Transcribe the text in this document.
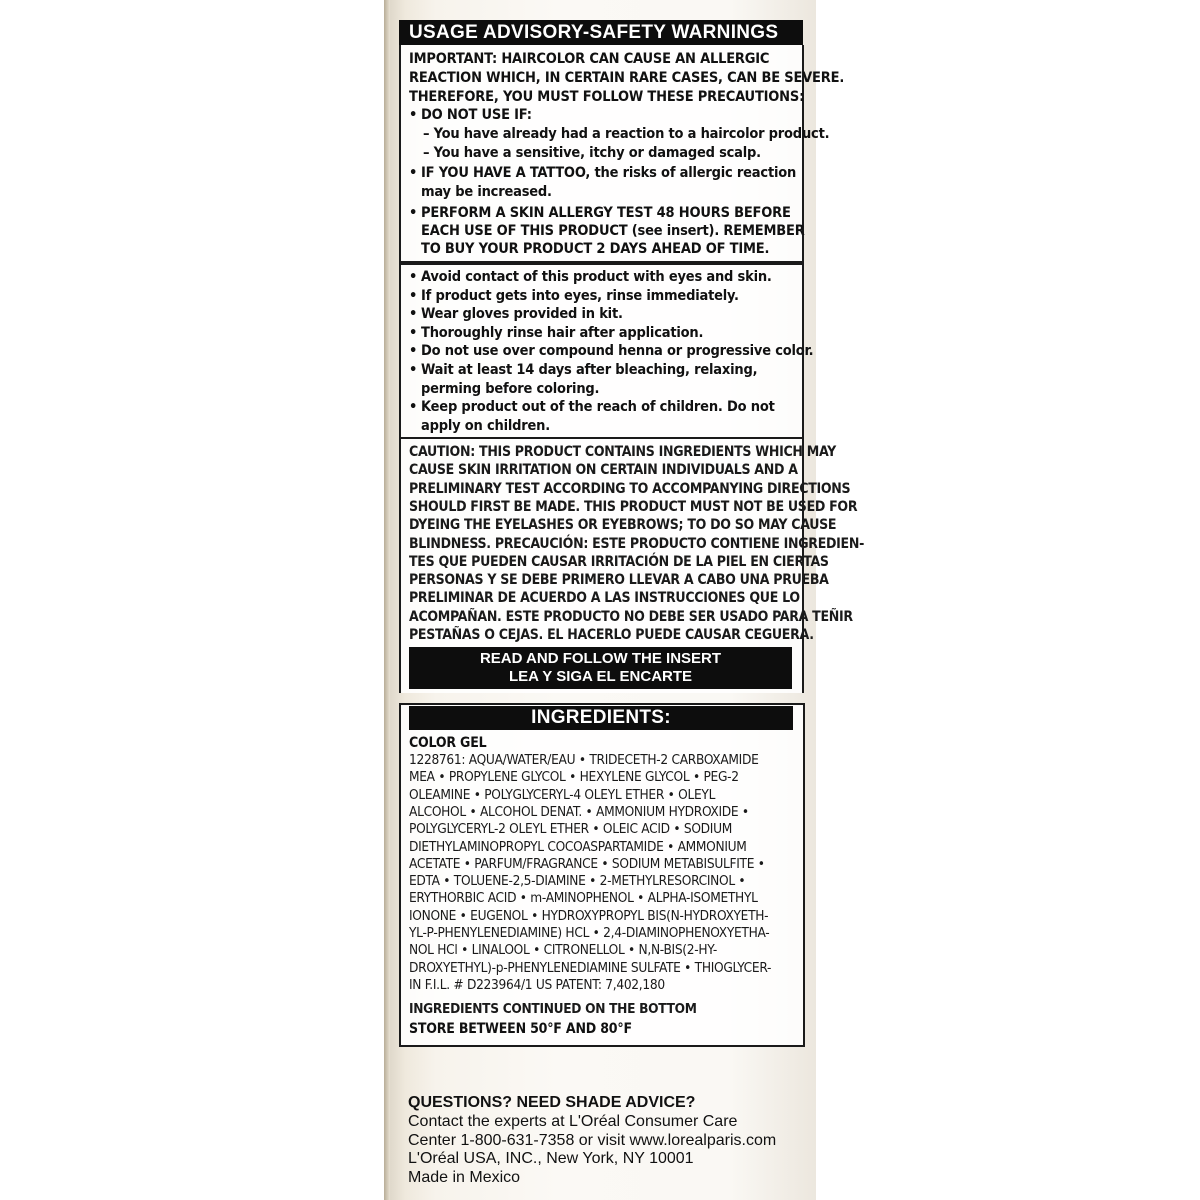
USAGE ADVISORY-SAFETY WARNINGS
IMPORTANT: HAIRCOLOR CAN CAUSE AN ALLERGIC
REACTION WHICH, IN CERTAIN RARE CASES, CAN BE SEVERE.
THEREFORE, YOU MUST FOLLOW THESE PRECAUTIONS:
• DO NOT USE IF:
– You have already had a reaction to a haircolor product.
– You have a sensitive, itchy or damaged scalp.
• IF YOU HAVE A TATTOO, the risks of allergic reaction
may be increased.
• PERFORM A SKIN ALLERGY TEST 48 HOURS BEFORE
EACH USE OF THIS PRODUCT (see insert). REMEMBER
TO BUY YOUR PRODUCT 2 DAYS AHEAD OF TIME.
• Avoid contact of this product with eyes and skin.
• If product gets into eyes, rinse immediately.
• Wear gloves provided in kit.
• Thoroughly rinse hair after application.
• Do not use over compound henna or progressive color.
• Wait at least 14 days after bleaching, relaxing,
perming before coloring.
• Keep product out of the reach of children. Do not
apply on children.
CAUTION: THIS PRODUCT CONTAINS INGREDIENTS WHICH MAY
CAUSE SKIN IRRITATION ON CERTAIN INDIVIDUALS AND A
PRELIMINARY TEST ACCORDING TO ACCOMPANYING DIRECTIONS
SHOULD FIRST BE MADE. THIS PRODUCT MUST NOT BE USED FOR
DYEING THE EYELASHES OR EYEBROWS; TO DO SO MAY CAUSE
BLINDNESS. PRECAUCIÓN: ESTE PRODUCTO CONTIENE INGREDIEN-
TES QUE PUEDEN CAUSAR IRRITACIÓN DE LA PIEL EN CIERTAS
PERSONAS Y SE DEBE PRIMERO LLEVAR A CABO UNA PRUEBA
PRELIMINAR DE ACUERDO A LAS INSTRUCCIONES QUE LO
ACOMPAÑAN. ESTE PRODUCTO NO DEBE SER USADO PARA TEÑIR
PESTAÑAS O CEJAS. EL HACERLO PUEDE CAUSAR CEGUERA.
READ AND FOLLOW THE INSERT
LEA Y SIGA EL ENCARTE
INGREDIENTS:
COLOR GEL
1228761: AQUA/WATER/EAU • TRIDECETH-2 CARBOXAMIDE
MEA • PROPYLENE GLYCOL • HEXYLENE GLYCOL • PEG-2
OLEAMINE • POLYGLYCERYL-4 OLEYL ETHER • OLEYL
ALCOHOL • ALCOHOL DENAT. • AMMONIUM HYDROXIDE •
POLYGLYCERYL-2 OLEYL ETHER • OLEIC ACID • SODIUM
DIETHYLAMINOPROPYL COCOASPARTAMIDE • AMMONIUM
ACETATE • PARFUM/FRAGRANCE • SODIUM METABISULFITE •
EDTA • TOLUENE-2,5-DIAMINE • 2-METHYLRESORCINOL •
ERYTHORBIC ACID • m-AMINOPHENOL • ALPHA-ISOMETHYL
IONONE • EUGENOL • HYDROXYPROPYL BIS(N-HYDROXYETH-
YL-P-PHENYLENEDIAMINE) HCL • 2,4-DIAMINOPHENOXYETHA-
NOL HCl • LINALOOL • CITRONELLOL • N,N-BIS(2-HY-
DROXYETHYL)-p-PHENYLENEDIAMINE SULFATE • THIOGLYCER-
IN F.I.L. # D223964/1 US PATENT: 7,402,180
INGREDIENTS CONTINUED ON THE BOTTOM
STORE BETWEEN 50°F AND 80°F
QUESTIONS? NEED SHADE ADVICE?
Contact the experts at L'Oréal Consumer Care
Center 1-800-631-7358 or visit www.lorealparis.com
L'Oréal USA, INC., New York, NY 10001
Made in Mexico
